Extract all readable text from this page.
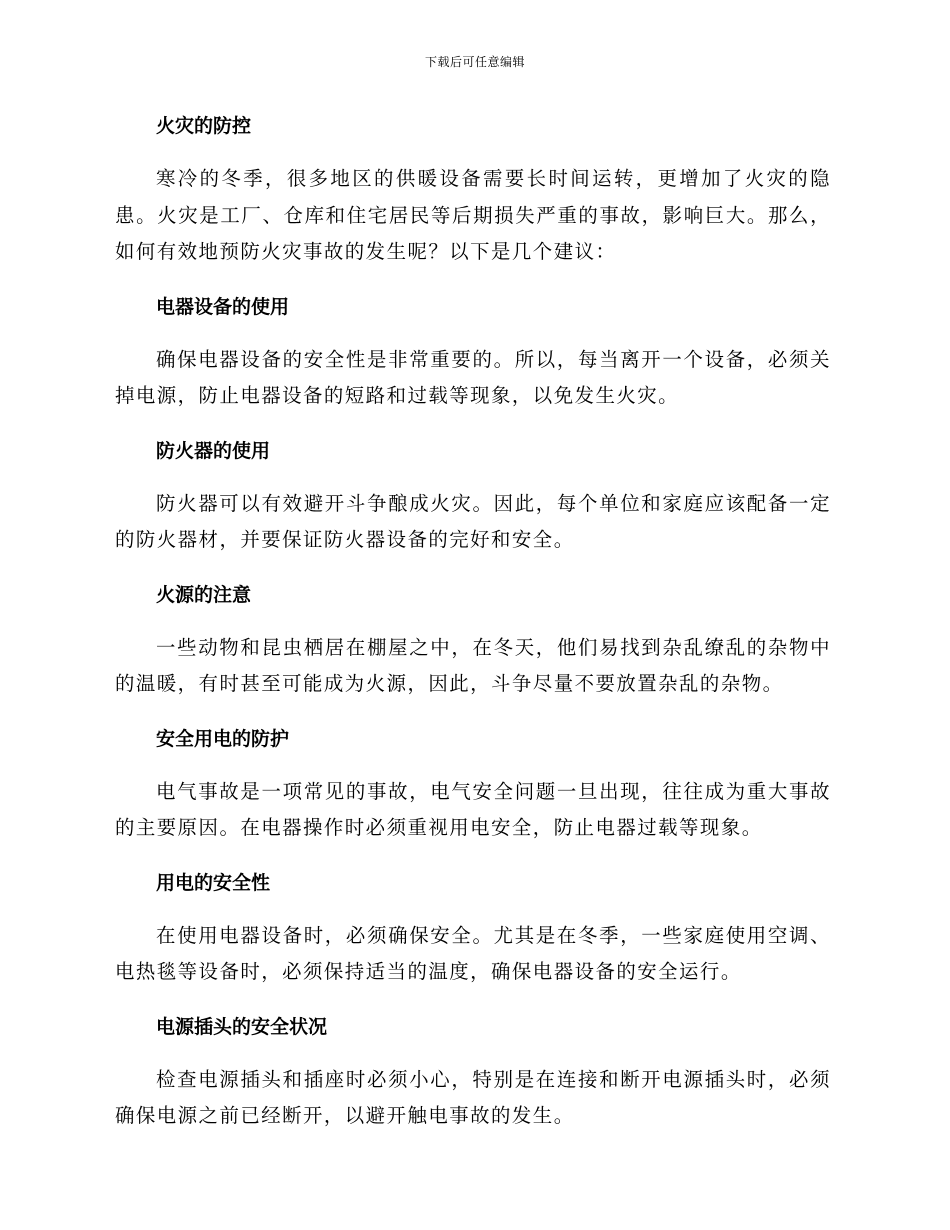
下载后可任意编辑
火灾的防控

寒冷的冬季，很多地区的供暖设备需要长时间运转，更增加了火灾的隐患。火灾是工厂、仓库和住宅居民等后期损失严重的事故，影响巨大。那么，如何有效地预防火灾事故的发生呢？以下是几个建议：

电器设备的使用

确保电器设备的安全性是非常重要的。所以，每当离开一个设备，必须关掉电源，防止电器设备的短路和过载等现象，以免发生火灾。

防火器的使用

防火器可以有效避开斗争酿成火灾。因此，每个单位和家庭应该配备一定的防火器材，并要保证防火器设备的完好和安全。

火源的注意

一些动物和昆虫栖居在棚屋之中，在冬天，他们易找到杂乱缭乱的杂物中的温暖，有时甚至可能成为火源，因此，斗争尽量不要放置杂乱的杂物。

安全用电的防护

电气事故是一项常见的事故，电气安全问题一旦出现，往往成为重大事故的主要原因。在电器操作时必须重视用电安全，防止电器过载等现象。

用电的安全性

在使用电器设备时，必须确保安全。尤其是在冬季，一些家庭使用空调、电热毯等设备时，必须保持适当的温度，确保电器设备的安全运行。

电源插头的安全状况

检查电源插头和插座时必须小心，特别是在连接和断开电源插头时，必须确保电源之前已经断开，以避开触电事故的发生。
